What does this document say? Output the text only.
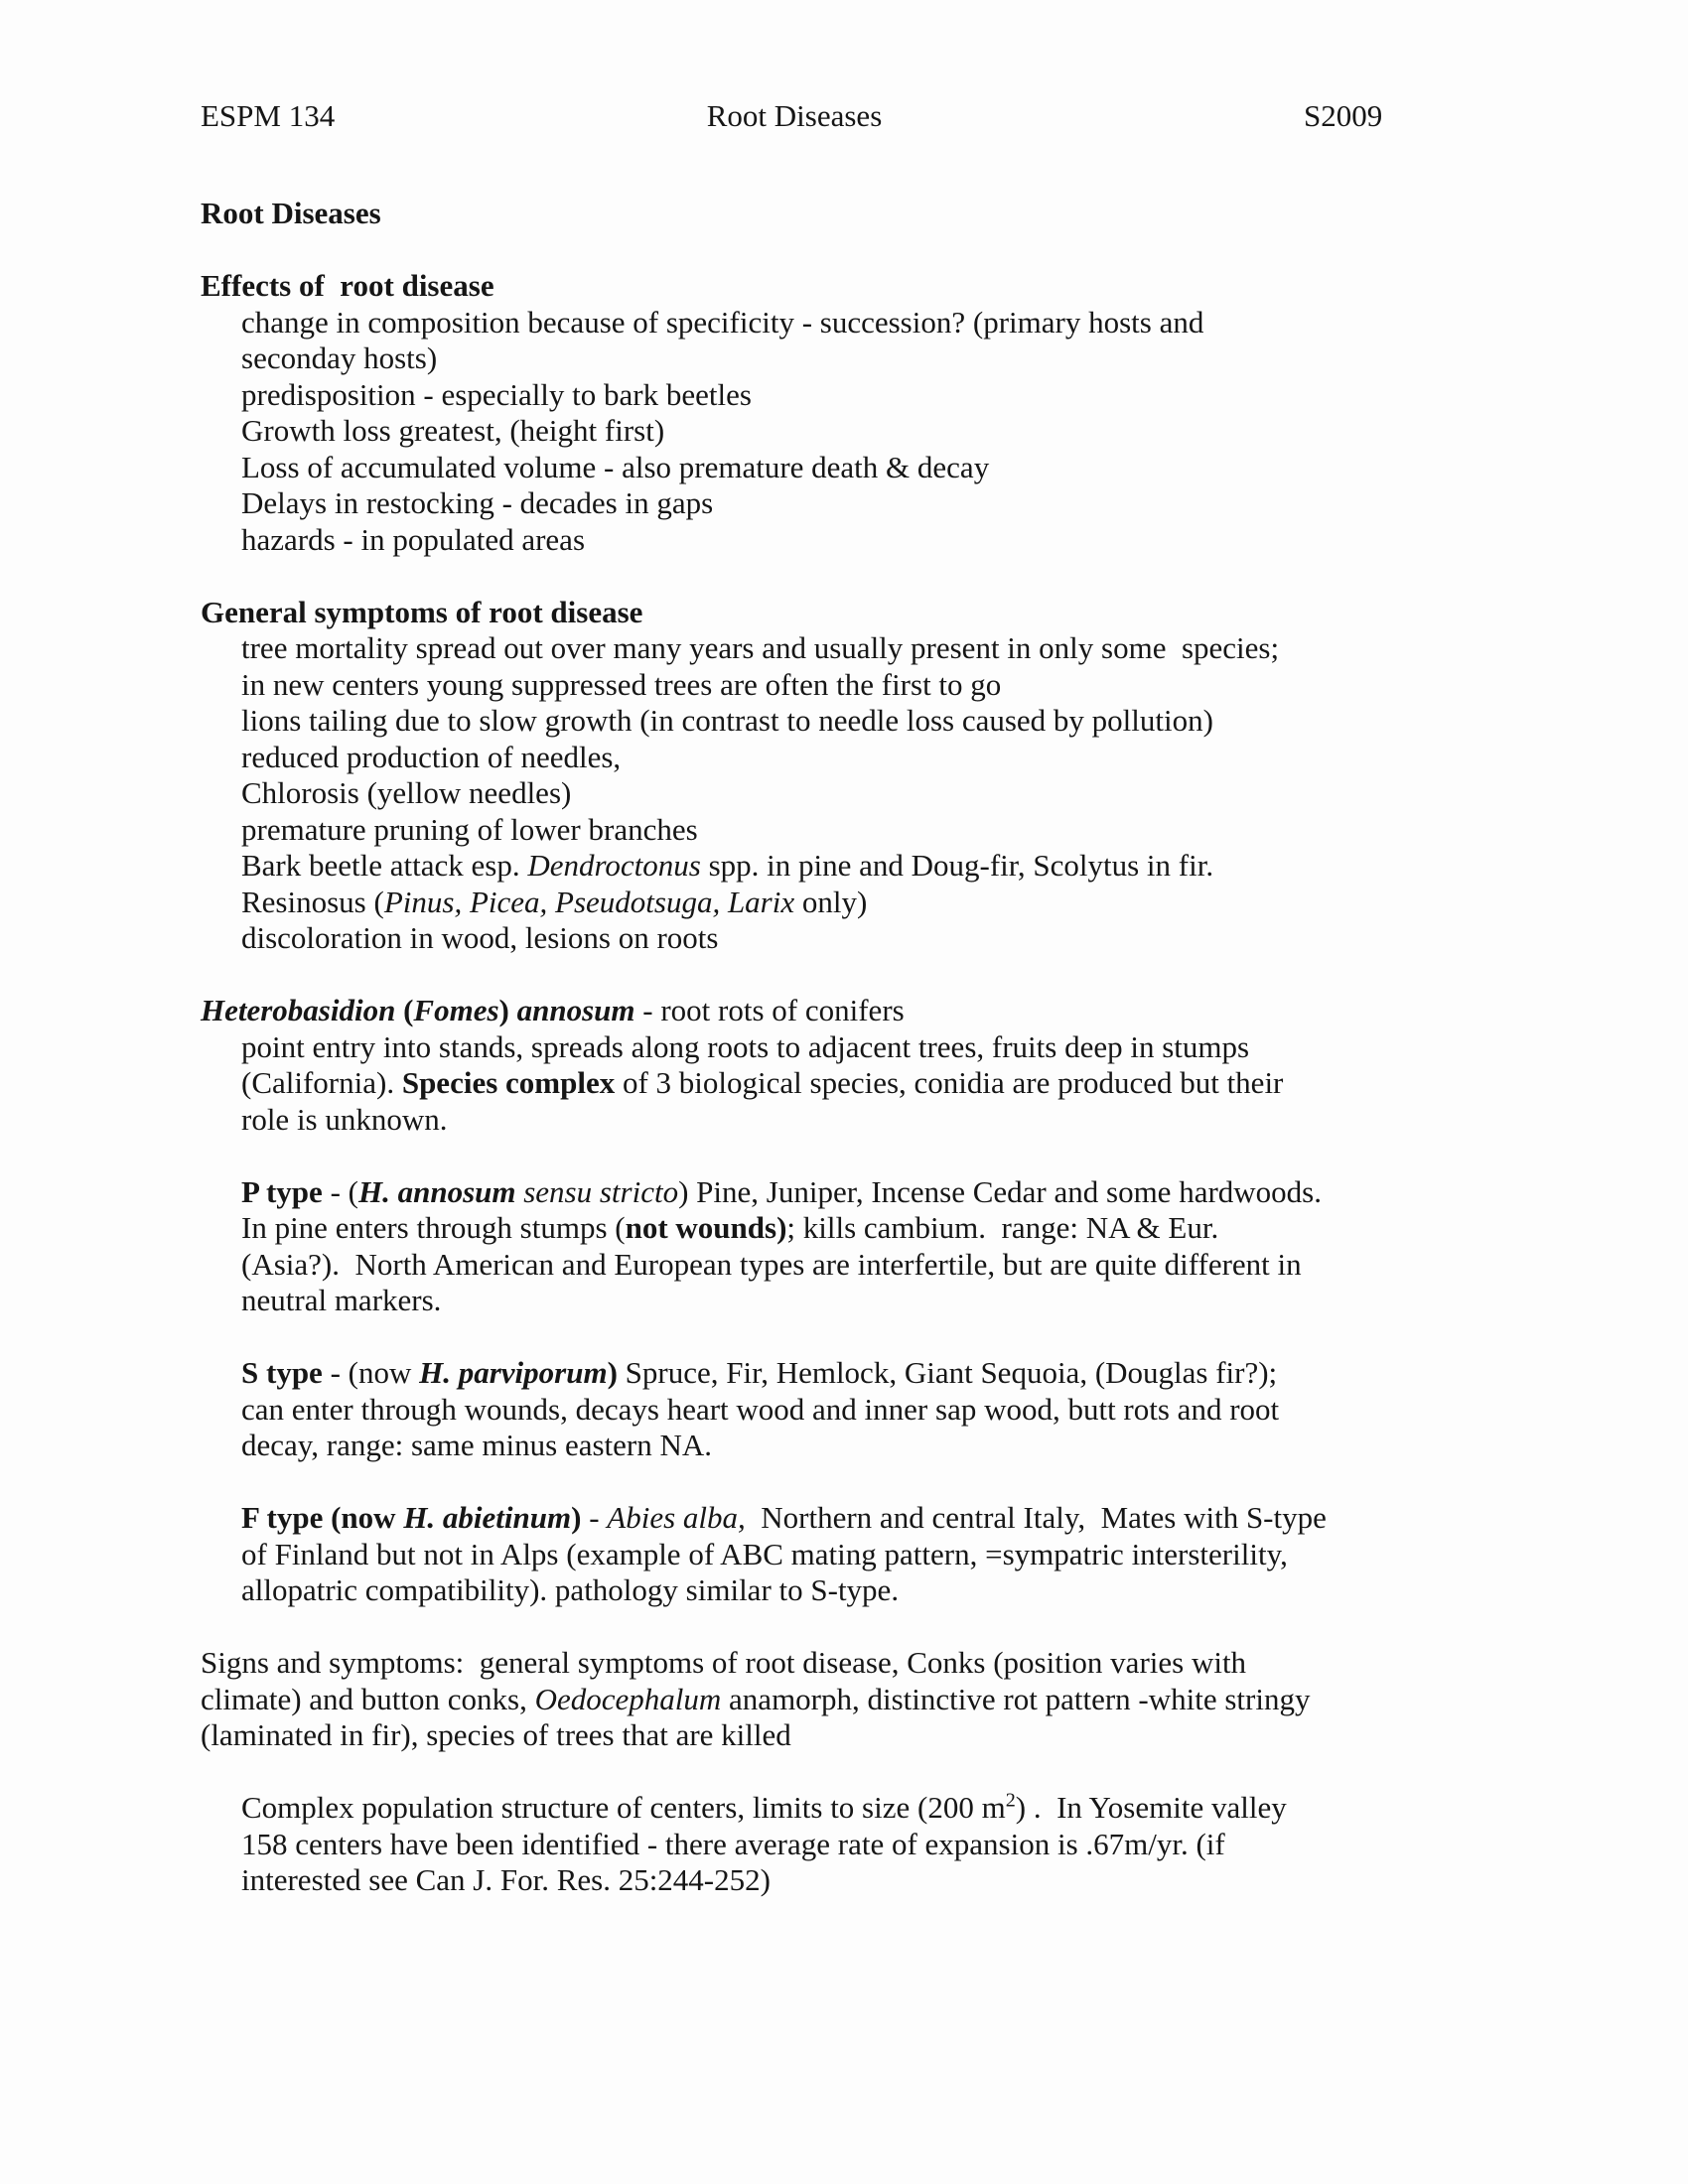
ESPM 134	Root Diseases	S2009
Root Diseases
Effects of  root disease
change in composition because of specificity - succession? (primary hosts and
seconday hosts)
predisposition - especially to bark beetles
Growth loss greatest, (height first)
Loss of accumulated volume - also premature death & decay
Delays in restocking - decades in gaps
hazards - in populated areas
General symptoms of root disease
tree mortality spread out over many years and usually present in only some  species;
in new centers young suppressed trees are often the first to go
lions tailing due to slow growth (in contrast to needle loss caused by pollution)
reduced production of needles,
Chlorosis (yellow needles)
premature pruning of lower branches
Bark beetle attack esp. Dendroctonus spp. in pine and Doug-fir, Scolytus in fir.
Resinosus (Pinus, Picea, Pseudotsuga, Larix only)
discoloration in wood, lesions on roots
Heterobasidion (Fomes) annosum - root rots of conifers
point entry into stands, spreads along roots to adjacent trees, fruits deep in stumps
(California). Species complex of 3 biological species, conidia are produced but their
role is unknown.
P type - (H. annosum sensu stricto) Pine, Juniper, Incense Cedar and some hardwoods.
In pine enters through stumps (not wounds); kills cambium.  range: NA & Eur.
(Asia?).  North American and European types are interfertile, but are quite different in
neutral markers.
S type - (now H. parviporum) Spruce, Fir, Hemlock, Giant Sequoia, (Douglas fir?);
can enter through wounds, decays heart wood and inner sap wood, butt rots and root
decay, range: same minus eastern NA.
F type (now H. abietinum) - Abies alba,  Northern and central Italy,  Mates with S-type
of Finland but not in Alps (example of ABC mating pattern, =sympatric intersterility,
allopatric compatibility). pathology similar to S-type.
Signs and symptoms:  general symptoms of root disease, Conks (position varies with
climate) and button conks, Oedocephalum anamorph, distinctive rot pattern -white stringy
(laminated in fir), species of trees that are killed
Complex population structure of centers, limits to size (200 $m^2$) .  In Yosemite valley
158 centers have been identified - there average rate of expansion is .67m/yr. (if
interested see Can J. For. Res. 25:244-252)
